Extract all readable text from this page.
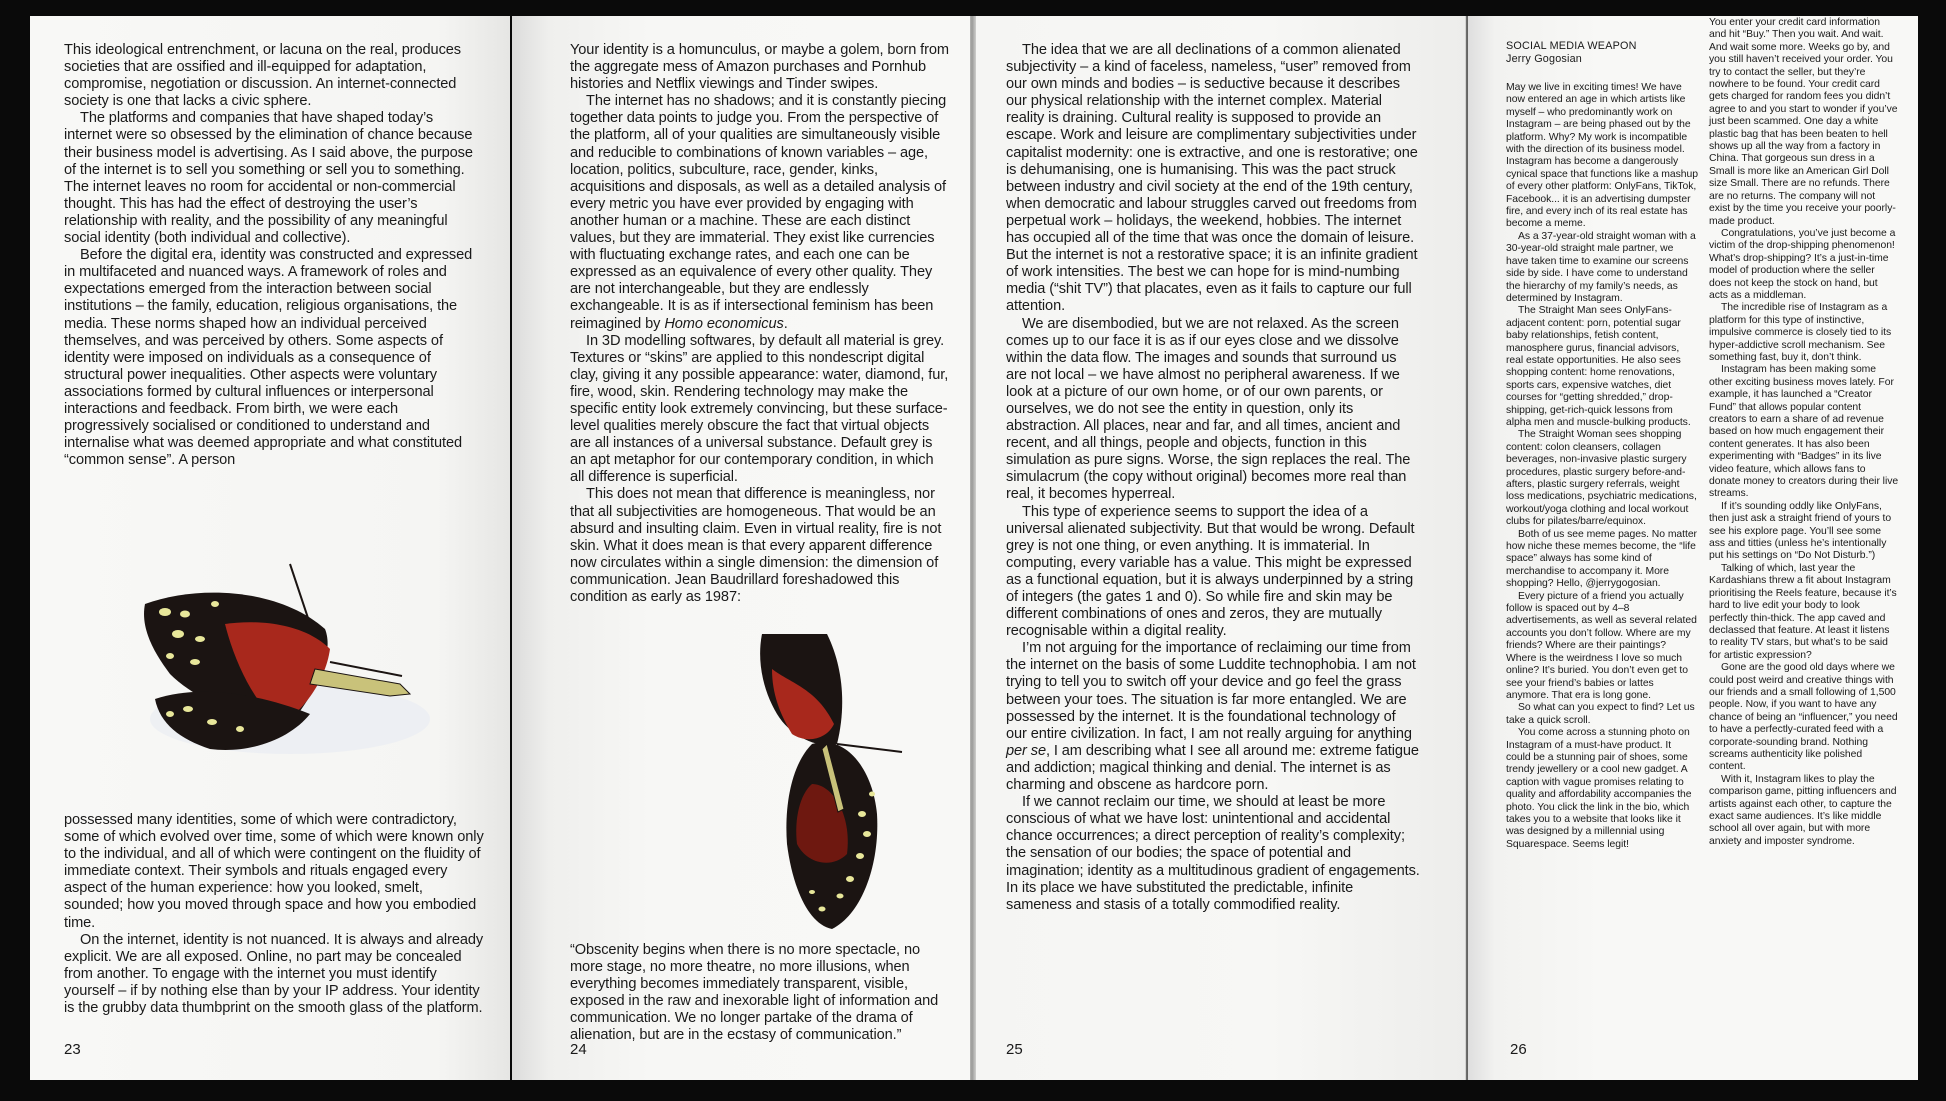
This ideological entrenchment, or lacuna on the real, produces societies that are ossified and ill-equipped for adaptation, compromise, negotiation or discussion. An internet-connected society is one that lacks a civic sphere.

The platforms and companies that have shaped today’s internet were so obsessed by the elimination of chance because their business model is advertising. As I said above, the purpose of the internet is to sell you something or sell you to something. The internet leaves no room for accidental or non-commercial thought. This has had the effect of destroying the user’s relationship with reality, and the possibility of any meaningful social identity (both individual and collective).

Before the digital era, identity was constructed and expressed in multifaceted and nuanced ways. A framework of roles and expectations emerged from the interaction between social institutions – the family, education, religious organisations, the media. These norms shaped how an individual perceived themselves, and was perceived by others. Some aspects of identity were imposed on individuals as a consequence of structural power inequalities. Other aspects were voluntary associations formed by cultural influences or interpersonal interactions and feedback. From birth, we were each progressively socialised or conditioned to understand and internalise what was deemed appropriate and what constituted “common sense”. A person

possessed many identities, some of which were contradictory, some of which evolved over time, some of which were known only to the individual, and all of which were contingent on the fluidity of immediate context. Their symbols and rituals engaged every aspect of the human experience: how you looked, smelt, sounded; how you moved through space and how you embodied time.

On the internet, identity is not nuanced. It is always and already explicit. We are all exposed. Online, no part may be concealed from another. To engage with the internet you must identify yourself – if by nothing else than by your IP address. Your identity is the grubby data thumbprint on the smooth glass of the platform.

23

Your identity is a homunculus, or maybe a golem, born from the aggregate mess of Amazon purchases and Pornhub histories and Netflix viewings and Tinder swipes.

The internet has no shadows; and it is constantly piecing together data points to judge you. From the perspective of the platform, all of your qualities are simultaneously visible and reducible to combinations of known variables – age, location, politics, subculture, race, gender, kinks, acquisitions and disposals, as well as a detailed analysis of every metric you have ever provided by engaging with another human or a machine. These are each distinct values, but they are immaterial. They exist like currencies with fluctuating exchange rates, and each one can be expressed as an equivalence of every other quality. They are not interchangeable, but they are endlessly exchangeable. It is as if intersectional feminism has been reimagined by Homo economicus.

In 3D modelling softwares, by default all material is grey. Textures or “skins” are applied to this nondescript digital clay, giving it any possible appearance: water, diamond, fur, fire, wood, skin. Rendering technology may make the specific entity look extremely convincing, but these surface-level qualities merely obscure the fact that virtual objects are all instances of a universal substance. Default grey is an apt metaphor for our contemporary condition, in which all difference is superficial.

This does not mean that difference is meaningless, nor that all subjectivities are homogeneous. That would be an absurd and insulting claim. Even in virtual reality, fire is not skin. What it does mean is that every apparent difference now circulates within a single dimension: the dimension of communication. Jean Baudrillard foreshadowed this condition as early as 1987:

“Obscenity begins when there is no more spectacle, no more stage, no more theatre, no more illusions, when everything becomes immediately transparent, visible, exposed in the raw and inexorable light of information and communication. We no longer partake of the drama of alienation, but are in the ecstasy of communication.”

24

The idea that we are all declinations of a common alienated subjectivity – a kind of faceless, nameless, “user” removed from our own minds and bodies – is seductive because it describes our physical relationship with the internet complex. Material reality is draining. Cultural reality is supposed to provide an escape. Work and leisure are complimentary subjectivities under capitalist modernity: one is extractive, and one is restorative; one is dehumanising, one is humanising. This was the pact struck between industry and civil society at the end of the 19th century, when democratic and labour struggles carved out freedoms from perpetual work – holidays, the weekend, hobbies. The internet has occupied all of the time that was once the domain of leisure. But the internet is not a restorative space; it is an infinite gradient of work intensities. The best we can hope for is mind-numbing media (“shit TV”) that placates, even as it fails to capture our full attention.

We are disembodied, but we are not relaxed. As the screen comes up to our face it is as if our eyes close and we dissolve within the data flow. The images and sounds that surround us are not local – we have almost no peripheral awareness. If we look at a picture of our own home, or of our own parents, or ourselves, we do not see the entity in question, only its abstraction. All places, near and far, and all times, ancient and recent, and all things, people and objects, function in this simulation as pure signs. Worse, the sign replaces the real. The simulacrum (the copy without original) becomes more real than real, it becomes hyperreal.

This type of experience seems to support the idea of a universal alienated subjectivity. But that would be wrong. Default grey is not one thing, or even anything. It is immaterial. In computing, every variable has a value. This might be expressed as a functional equation, but it is always underpinned by a string of integers (the gates 1 and 0). So while fire and skin may be different combinations of ones and zeros, they are mutually recognisable within a digital reality.

I’m not arguing for the importance of reclaiming our time from the internet on the basis of some Luddite technophobia. I am not trying to tell you to switch off your device and go feel the grass between your toes. The situation is far more entangled. We are possessed by the internet. It is the foundational technology of our entire civilization. In fact, I am not really arguing for anything per se, I am describing what I see all around me: extreme fatigue and addiction; magical thinking and denial. The internet is as charming and obscene as hardcore porn.

If we cannot reclaim our time, we should at least be more conscious of what we have lost: unintentional and accidental chance occurrences; a direct perception of reality’s complexity; the sensation of our bodies; the space of potential and imagination; identity as a multitudinous gradient of engagements. In its place we have substituted the predictable, infinite sameness and stasis of a totally commodified reality.

25
SOCIAL MEDIA WEAPON
Jerry Gogosian

May we live in exciting times! We have now entered an age in which artists like myself – who predominantly work on Instagram – are being phased out by the platform. Why? My work is incompatible with the direction of its business model. Instagram has become a dangerously cynical space that functions like a mashup of every other platform: OnlyFans, TikTok, Facebook... it is an advertising dumpster fire, and every inch of its real estate has become a meme.

As a 37-year-old straight woman with a 30-year-old straight male partner, we have taken time to examine our screens side by side. I have come to understand the hierarchy of my family’s needs, as determined by Instagram.

The Straight Man sees OnlyFans-adjacent content: porn, potential sugar baby relationships, fetish content, manosphere gurus, financial advisors, real estate opportunities. He also sees shopping content: home renovations, sports cars, expensive watches, diet courses for “getting shredded,” drop-shipping, get-rich-quick lessons from alpha men and muscle-bulking products.

The Straight Woman sees shopping content: colon cleansers, collagen beverages, non-invasive plastic surgery procedures, plastic surgery before-and-afters, plastic surgery referrals, weight loss medications, psychiatric medications, workout/yoga clothing and local workout clubs for pilates/barre/equinox.

Both of us see meme pages. No matter how niche these memes become, the “life space” always has some kind of merchandise to accompany it. More shopping? Hello, @jerrygogosian.

Every picture of a friend you actually follow is spaced out by 4–8 advertisements, as well as several related accounts you don’t follow. Where are my friends? Where are their paintings? Where is the weirdness I love so much online? It’s buried. You don’t even get to see your friend’s babies or lattes anymore. That era is long gone.

So what can you expect to find? Let us take a quick scroll.

You come across a stunning photo on Instagram of a must-have product. It could be a stunning pair of shoes, some trendy jewellery or a cool new gadget. A caption with vague promises relating to quality and affordability accompanies the photo. You click the link in the bio, which takes you to a website that looks like it was designed by a millennial using Squarespace. Seems legit!

You enter your credit card information and hit “Buy.” Then you wait. And wait. And wait some more. Weeks go by, and you still haven’t received your order. You try to contact the seller, but they’re nowhere to be found. Your credit card gets charged for random fees you didn’t agree to and you start to wonder if you’ve just been scammed. One day a white plastic bag that has been beaten to hell shows up all the way from a factory in China. That gorgeous sun dress in a Small is more like an American Girl Doll size Small. There are no refunds. There are no returns. The company will not exist by the time you receive your poorly-made product.

Congratulations, you’ve just become a victim of the drop-shipping phenomenon! What’s drop-shipping? It’s a just-in-time model of production where the seller does not keep the stock on hand, but acts as a middleman.

The incredible rise of Instagram as a platform for this type of instinctive, impulsive commerce is closely tied to its hyper-addictive scroll mechanism. See something fast, buy it, don’t think.

Instagram has been making some other exciting business moves lately. For example, it has launched a “Creator Fund” that allows popular content creators to earn a share of ad revenue based on how much engagement their content generates. It has also been experimenting with “Badges” in its live video feature, which allows fans to donate money to creators during their live streams.

If it’s sounding oddly like OnlyFans, then just ask a straight friend of yours to see his explore page. You’ll see some ass and titties (unless he’s intentionally put his settings on “Do Not Disturb.”)

Talking of which, last year the Kardashians threw a fit about Instagram prioritising the Reels feature, because it’s hard to live edit your body to look perfectly thin-thick. The app caved and declassed that feature. At least it listens to reality TV stars, but what’s to be said for artistic expression?

Gone are the good old days where we could post weird and creative things with our friends and a small following of 1,500 people. Now, if you want to have any chance of being an “influencer,” you need to have a perfectly-curated feed with a corporate-sounding brand. Nothing screams authenticity like polished content.

With it, Instagram likes to play the comparison game, pitting influencers and artists against each other, to capture the exact same audiences. It’s like middle school all over again, but with more anxiety and imposter syndrome.

26
